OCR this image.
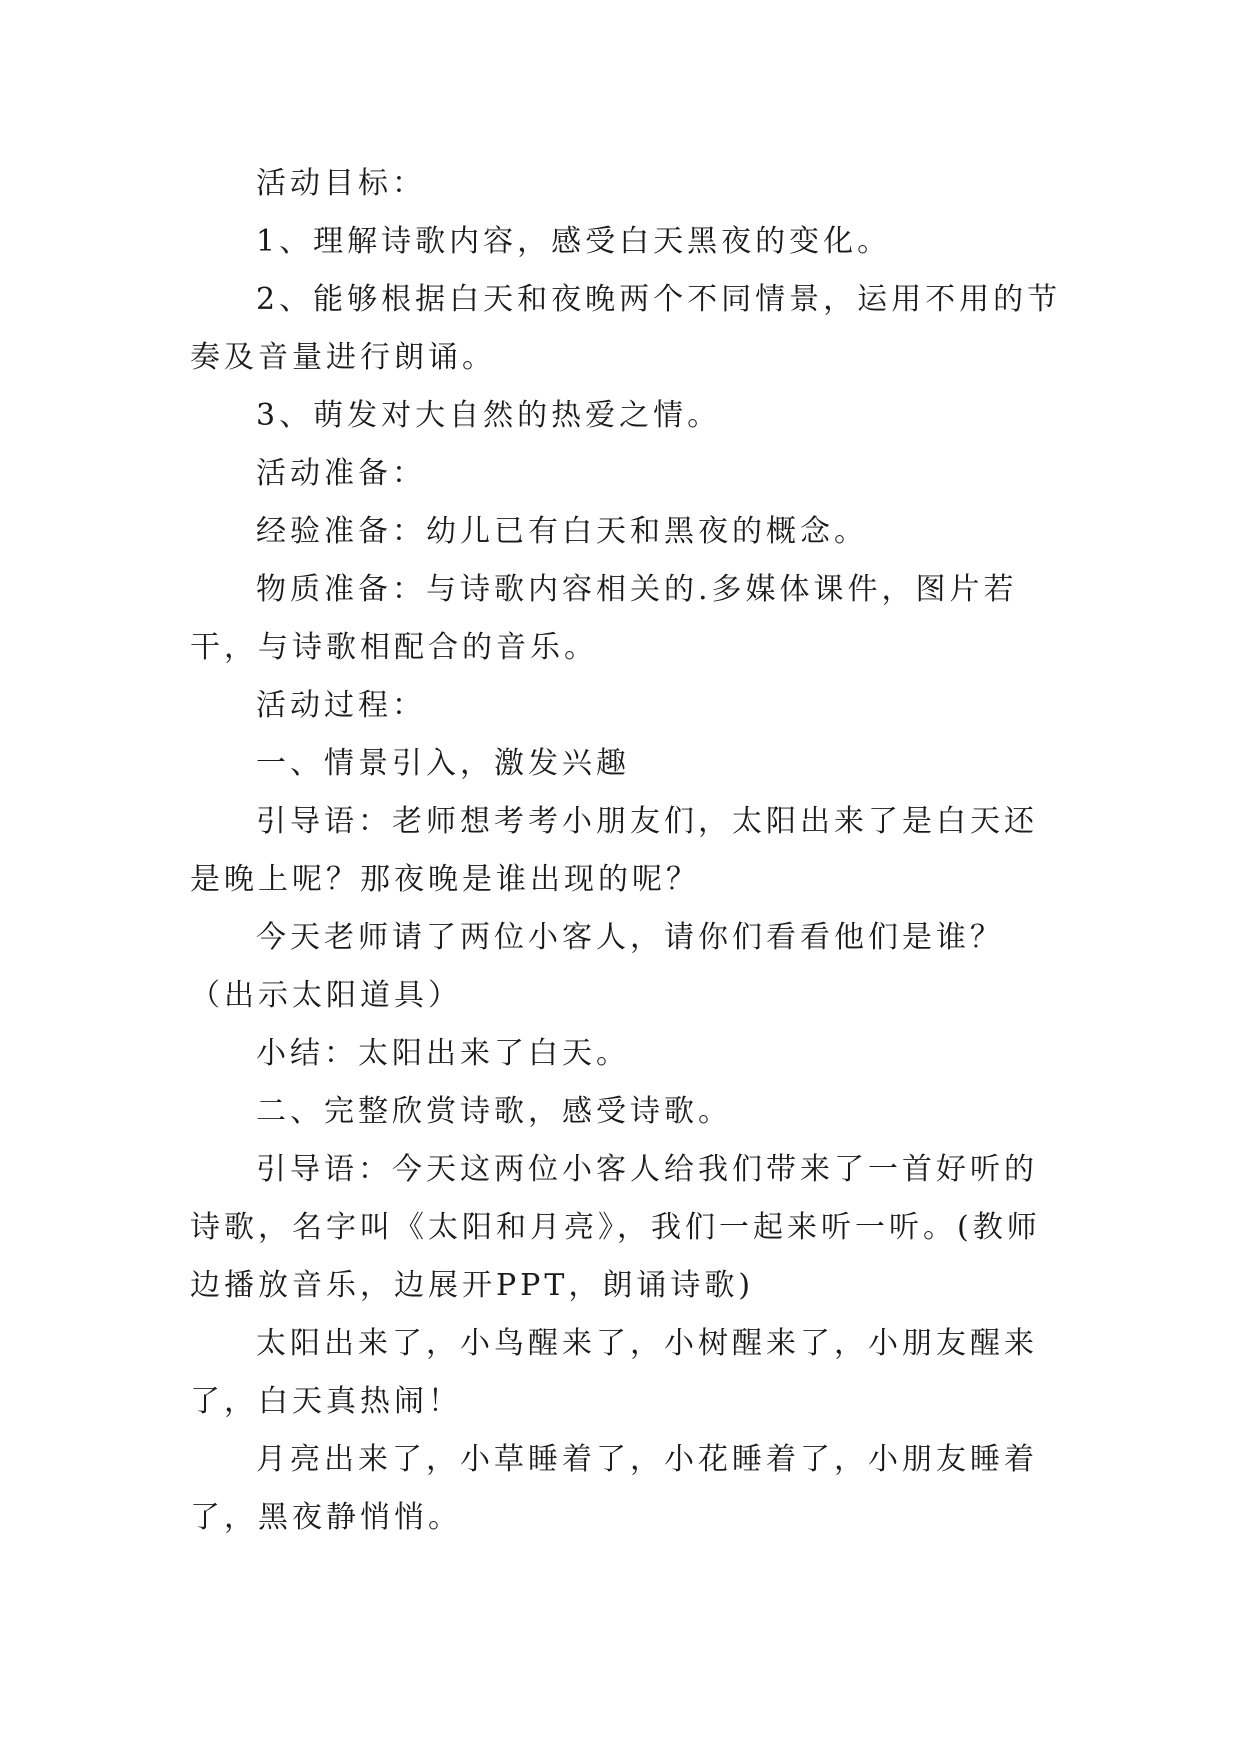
活动目标：

1、理解诗歌内容，感受白天黑夜的变化。

2、能够根据白天和夜晚两个不同情景，运用不用的节奏及音量进行朗诵。

3、萌发对大自然的热爱之情。

活动准备：

经验准备：幼儿已有白天和黑夜的概念。

物质准备：与诗歌内容相关的.多媒体课件，图片若干，与诗歌相配合的音乐。

活动过程：

一、情景引入，激发兴趣

引导语：老师想考考小朋友们，太阳出来了是白天还是晚上呢？那夜晚是谁出现的呢？

今天老师请了两位小客人，请你们看看他们是谁？（出示太阳道具）

小结：太阳出来了白天。

二、完整欣赏诗歌，感受诗歌。

引导语：今天这两位小客人给我们带来了一首好听的诗歌，名字叫《太阳和月亮》，我们一起来听一听。(教师边播放音乐，边展开PPT，朗诵诗歌)

太阳出来了，小鸟醒来了，小树醒来了，小朋友醒来了，白天真热闹！

月亮出来了，小草睡着了，小花睡着了，小朋友睡着了，黑夜静悄悄。
